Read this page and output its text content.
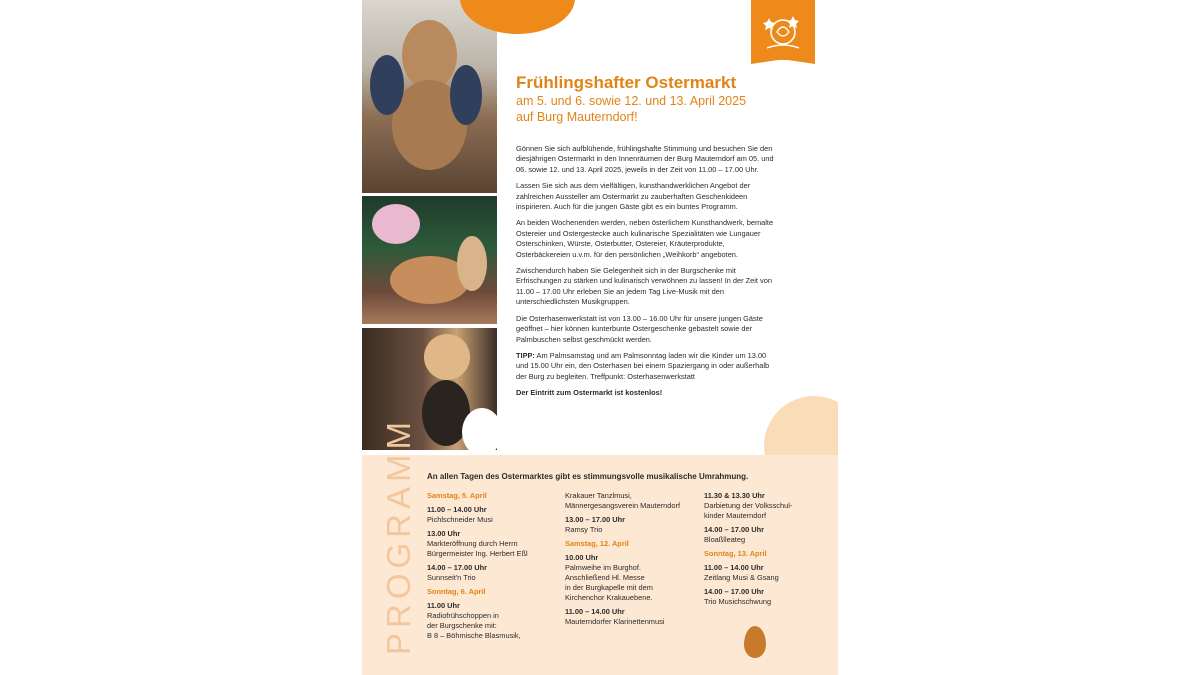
Frühlingshafter Ostermarkt

am 5. und 6. sowie 12. und 13. April 2025

auf Burg Mauterndorf!

Gönnen Sie sich aufblühende, frühlingshafte Stimmung und besuchen Sie den diesjährigen Ostermarkt in den Innenräumen der Burg Mauterndorf am 05. und 06. sowie 12. und 13. April 2025, jeweils in der Zeit von 11.00 – 17.00 Uhr.

Lassen Sie sich aus dem vielfältigen, kunsthandwerklichen Angebot der zahlreichen Aussteller am Ostermarkt zu zauberhaften Geschenkideen inspirieren. Auch für die jungen Gäste gibt es ein buntes Programm.

An beiden Wochenenden werden, neben österlichem Kunsthandwerk, bemalte Ostereier und Ostergestecke auch kulinarische Spezialitäten wie Lungauer Osterschinken, Würste, Osterbutter, Ostereier, Kräuterprodukte, Osterbäckereien u.v.m. für den persönlichen „Weihkorb“ angeboten.

Zwischendurch haben Sie Gelegenheit sich in der Burgschenke mit Erfrischungen zu stärken und kulinarisch verwöhnen zu lassen! In der Zeit von 11.00 – 17.00 Uhr erleben Sie an jedem Tag Live-Musik mit den unterschiedlichsten Musikgruppen.

Die Osterhasenwerkstatt ist von 13.00 – 16.00 Uhr für unsere jungen Gäste geöffnet – hier können kunterbunte Ostergeschenke gebastelt sowie der Palmbuschen selbst geschmückt werden.

TIPP: Am Palmsamstag und am Palmsonntag laden wir die Kinder um 13.00 und 15.00 Uhr ein, den Osterhasen bei einem Spaziergang in oder außerhalb der Burg zu begleiten. Treffpunkt: Osterhasenwerkstatt

Der Eintritt zum Ostermarkt ist kostenlos!

PROGRAMM An allen Tagen des Ostermarktes gibt es stimmungsvolle musikalische Umrahmung.
Samstag, 5. April
11.00 – 14.00 Uhr
Pichlschneider Musi
13.00 Uhr
Markteröffnung durch Herrn
Bürgermeister Ing. Herbert Eßl
14.00 – 17.00 Uhr
Sunnseit'n Trio
Sonntag, 6. April
11.00 Uhr
Radiofrühschoppen in
der Burgschenke mit:
B 8 – Böhmische Blasmusik,
Krakauer Tanzlmusi,
Männergesangsverein Mauterndorf
13.00 – 17.00 Uhr
Ramsy Trio
Samstag, 12. April
10.00 Uhr
Palmweihe im Burghof.
Anschließend Hl. Messe
in der Burgkapelle mit dem
Kirchenchor Krakauebene.
11.00 – 14.00 Uhr
Mauterndorfer Klarinettenmusi
11.30 & 13.30 Uhr
Darbietung der Volksschul-
kinder Mauterndorf
14.00 – 17.00 Uhr
Bloaßlleateg
Sonntag, 13. April
11.00 – 14.00 Uhr
Zeitlang Musi & Gsang
14.00 – 17.00 Uhr
Trio Musichschwung
